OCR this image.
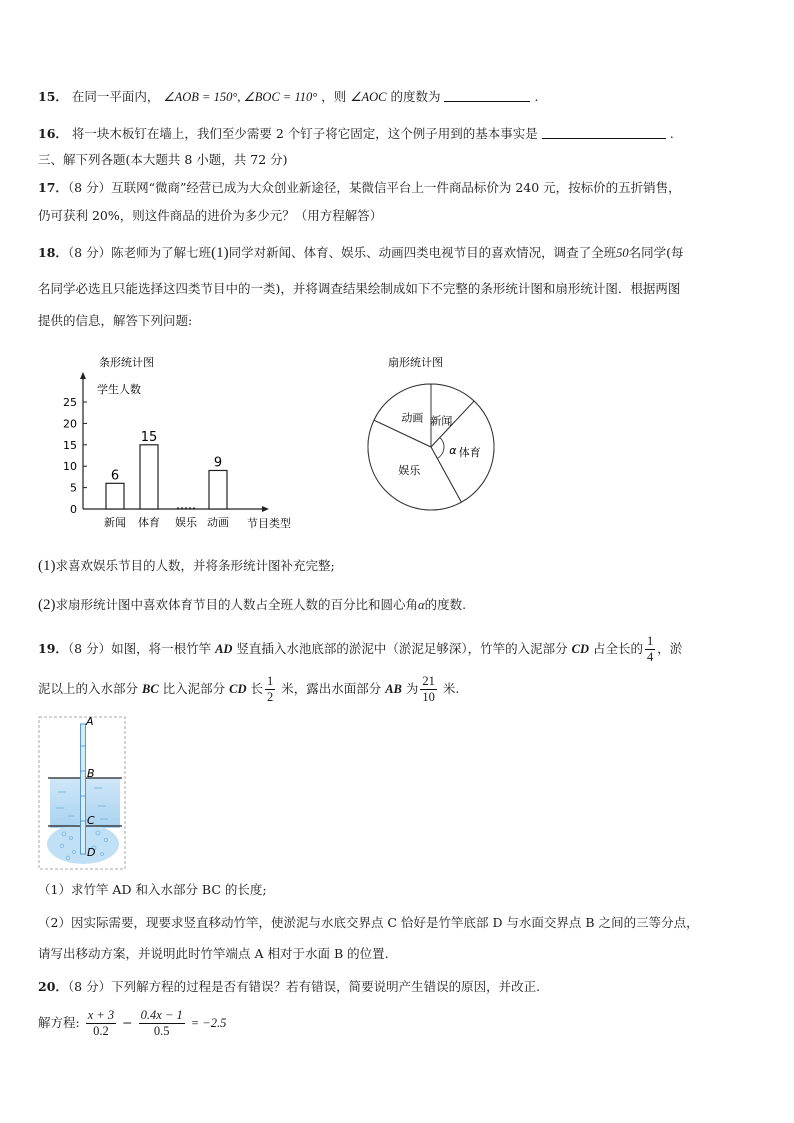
15． 在同一平面内， ∠AOB = 150°, ∠BOC = 110° ，则 ∠AOC 的度数为	.
16． 将一块木板钉在墙上，我们至少需要 2 个钉子将它固定，这个例子用到的基本事实是	.
三、解下列各题(本大题共 8 小题，共 72 分)
17．（8 分）互联网“微商”经营已成为大众创业新途径，某微信平台上一件商品标价为 240 元，按标价的五折销售，
仍可获利 20%，则这件商品的进价为多少元？（用方程解答）
18．（8 分）陈老师为了解七班(1)同学对新闻、体育、娱乐、动画四类电视节目的喜欢情况，调查了全班50名同学(每
名同学必选且只能选择这四类节目中的一类)，并将调查结果绘制成如下不完整的条形统计图和扇形统计图．根据两图
提供的信息，解答下列问题:
条形统计图
学生人数
节目类型
0
5
10
15
20
25
6
新闻
15
体育 娱乐
9
动画
扇形统计图
新闻
体育
娱乐
动画
α
(1)求喜欢娱乐节目的人数，并将条形统计图补充完整;
(2)求扇形统计图中喜欢体育节目的人数占全班人数的百分比和圆心角α的度数.
19．（8 分）如图，将一根竹竿 AD 竖直插入水池底部的淤泥中（淤泥足够深），竹竿的入泥部分 CD 占全长的 $\frac{1}{4}$ ，淤
泥以上的入水部分 BC 比入泥部分 CD 长 $\frac{1}{2}$ 米，露出水面部分 AB 为 $\frac{21}{10}$ 米.
A
B
C
D
（1）求竹竿 AD 和入水部分 BC 的长度;
（2）因实际需要，现要求竖直移动竹竿，使淤泥与水底交界点 C 恰好是竹竿底部 D 与水面交界点 B 之间的三等分点，
请写出移动方案，并说明此时竹竿端点 A 相对于水面 B 的位置.
20．（8 分）下列解方程的过程是否有错误？若有错误，简要说明产生错误的原因，并改正.
解方程: $\frac{x + 3}{0.2} - \frac{0.4x - 1}{0.5} = -2.5$
